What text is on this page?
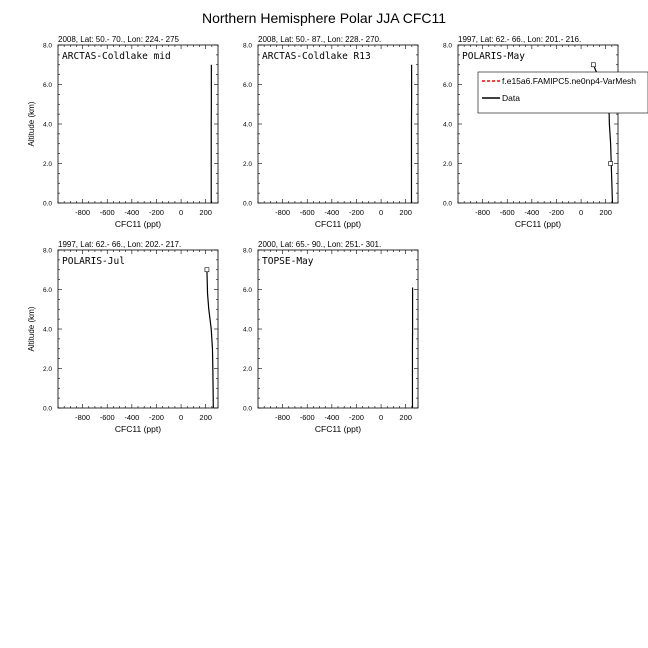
Northern Hemisphere Polar JJA CFC11
2008, Lat: 50.- 70., Lon: 224.- 275
ARCTAS-Coldlake mid
-800 -600 -400 -200 0 200
0.0
2.0
4.0
6.0
8.0
CFC11 (ppt)
Altitude (km)
2008, Lat: 50.- 87., Lon: 228.- 270.
ARCTAS-Coldlake R13
-800 -600 -400 -200 0 200
0.0
2.0
4.0
6.0
8.0
CFC11 (ppt)
1997, Lat: 62.- 66., Lon: 201.- 216.
POLARIS-May
-800 -600 -400 -200 0 200
0.0
2.0
4.0
6.0
8.0
CFC11 (ppt)
f.e15a6.FAMIPC5.ne0np4-VarMesh
Data
1997, Lat: 62.- 66., Lon: 202.- 217.
POLARIS-Jul
-800 -600 -400 -200 0 200
0.0
2.0
4.0
6.0
8.0
CFC11 (ppt)
Altitude (km)
2000, Lat: 65.- 90., Lon: 251.- 301.
TOPSE-May
-800 -600 -400 -200 0 200
0.0
2.0
4.0
6.0
8.0
CFC11 (ppt)
